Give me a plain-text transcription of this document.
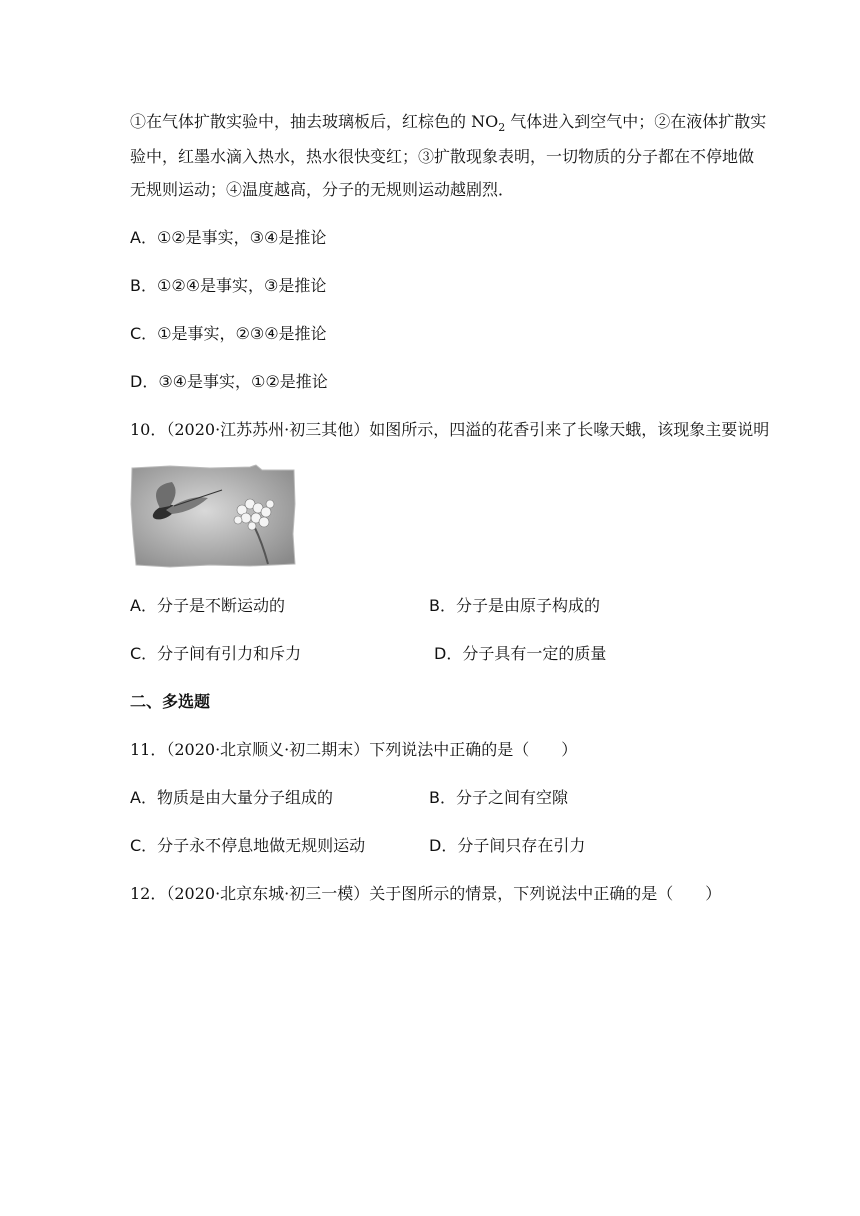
①在气体扩散实验中，抽去玻璃板后，红棕色的 $NO_2$ 气体进入到空气中；②在液体扩散实
验中，红墨水滴入热水，热水很快变红；③扩散现象表明，一切物质的分子都在不停地做
无规则运动；④温度越高，分子的无规则运动越剧烈．
A．①②是事实，③④是推论
B．①②④是事实，③是推论
C．①是事实，②③④是推论
D．③④是事实，①②是推论
10．（2020·江苏苏州·初三其他）如图所示，四溢的花香引来了长喙天蛾，该现象主要说明
A．分子是不断运动的	B．分子是由原子构成的
C．分子间有引力和斥力	D．分子具有一定的质量
二、多选题
11．（2020·北京顺义·初二期末）下列说法中正确的是（　　）
A．物质是由大量分子组成的	B．分子之间有空隙
C．分子永不停息地做无规则运动	D．分子间只存在引力
12．（2020·北京东城·初三一模）关于图所示的情景，下列说法中正确的是（　　）
